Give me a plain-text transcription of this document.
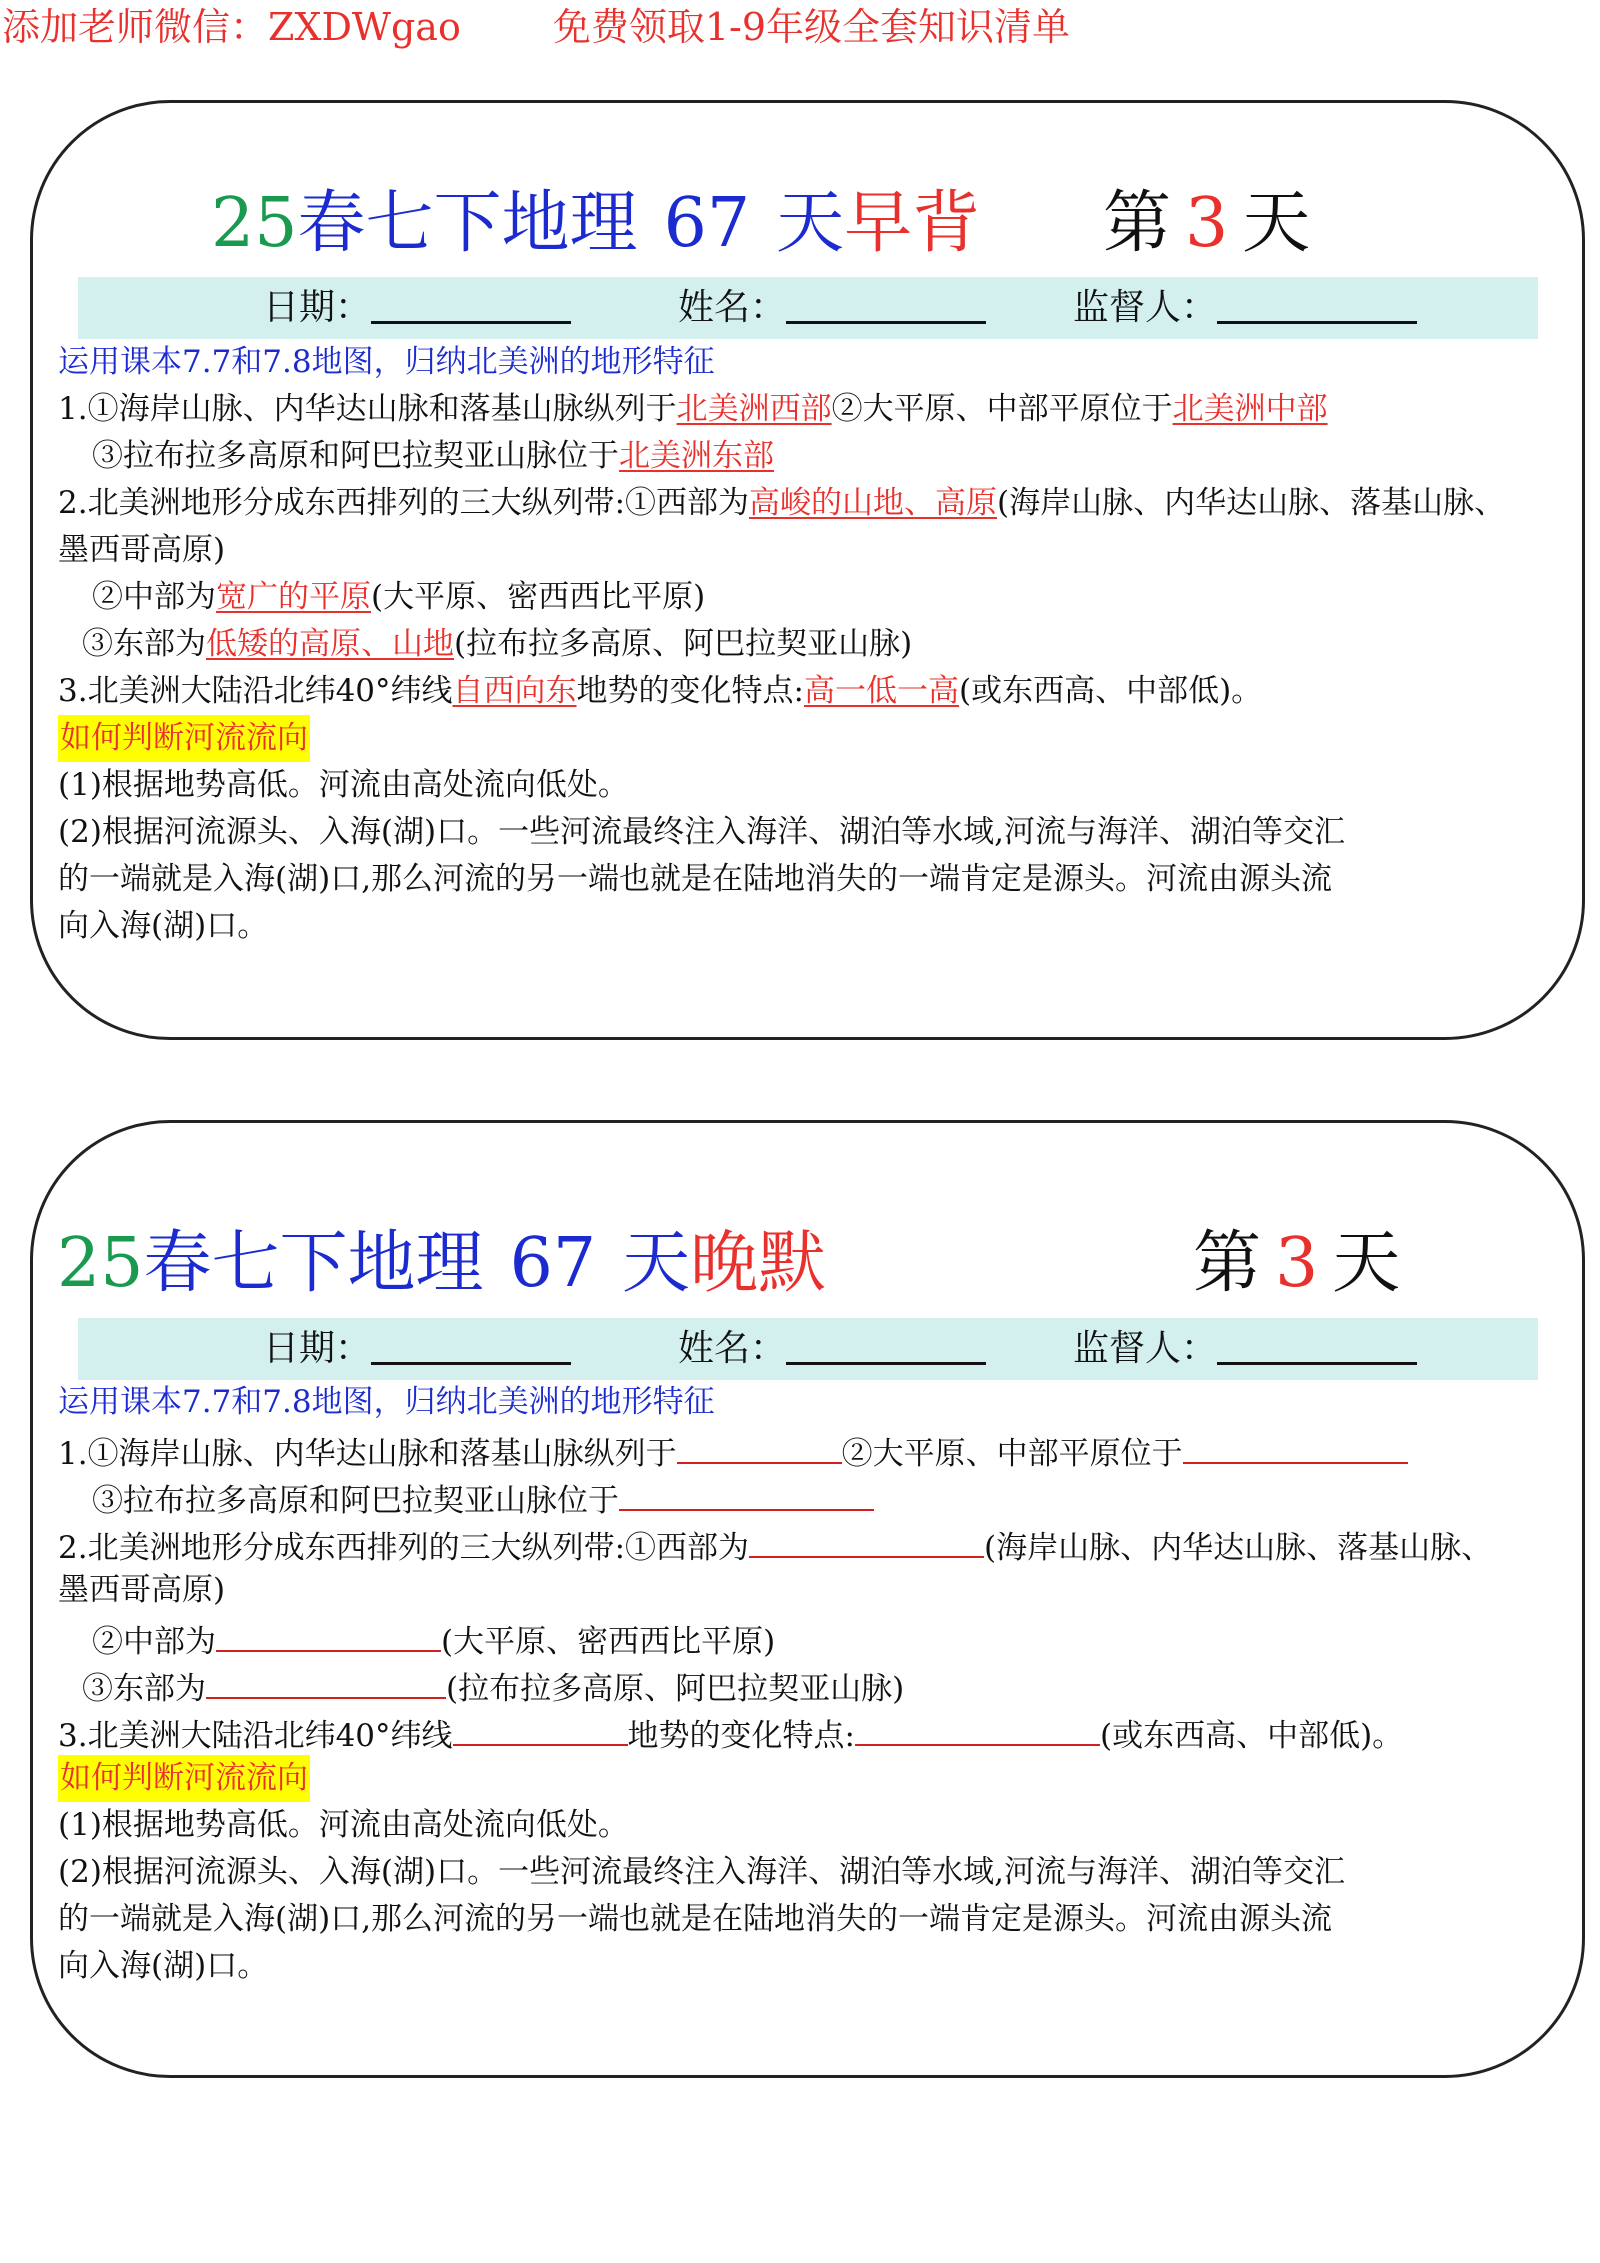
添加老师微信：ZXDWgao 免费领取1-9年级全套知识清单
25春七下地理 67 天早背 第 3 天
日期：	姓名：	监督人：
运用课本7.7和7.8地图，归纳北美洲的地形特征
1.①海岸山脉、内华达山脉和落基山脉纵列于北美洲西部②大平原、中部平原位于北美洲中部
③拉布拉多高原和阿巴拉契亚山脉位于北美洲东部
2.北美洲地形分成东西排列的三大纵列带:①西部为高峻的山地、高原(海岸山脉、内华达山脉、落基山脉、
墨西哥高原)
②中部为宽广的平原(大平原、密西西比平原)
③东部为低矮的高原、山地(拉布拉多高原、阿巴拉契亚山脉)
3.北美洲大陆沿北纬40°纬线自西向东地势的变化特点:高一低一高(或东西高、中部低)。
如何判断河流流向
(1)根据地势高低。河流由高处流向低处。
(2)根据河流源头、入海(湖)口。一些河流最终注入海洋、湖泊等水域,河流与海洋、湖泊等交汇
的一端就是入海(湖)口,那么河流的另一端也就是在陆地消失的一端肯定是源头。河流由源头流
向入海(湖)口。
25春七下地理 67 天晚默	第 3 天
日期：	姓名：	监督人：
运用课本7.7和7.8地图，归纳北美洲的地形特征
1.①海岸山脉、内华达山脉和落基山脉纵列于	②大平原、中部平原位于
③拉布拉多高原和阿巴拉契亚山脉位于
2.北美洲地形分成东西排列的三大纵列带:①西部为	(海岸山脉、内华达山脉、落基山脉、
墨西哥高原)
②中部为	(大平原、密西西比平原)
③东部为	(拉布拉多高原、阿巴拉契亚山脉)
3.北美洲大陆沿北纬40°纬线	地势的变化特点:	(或东西高、中部低)。
如何判断河流流向
(1)根据地势高低。河流由高处流向低处。
(2)根据河流源头、入海(湖)口。一些河流最终注入海洋、湖泊等水域,河流与海洋、湖泊等交汇
的一端就是入海(湖)口,那么河流的另一端也就是在陆地消失的一端肯定是源头。河流由源头流
向入海(湖)口。
